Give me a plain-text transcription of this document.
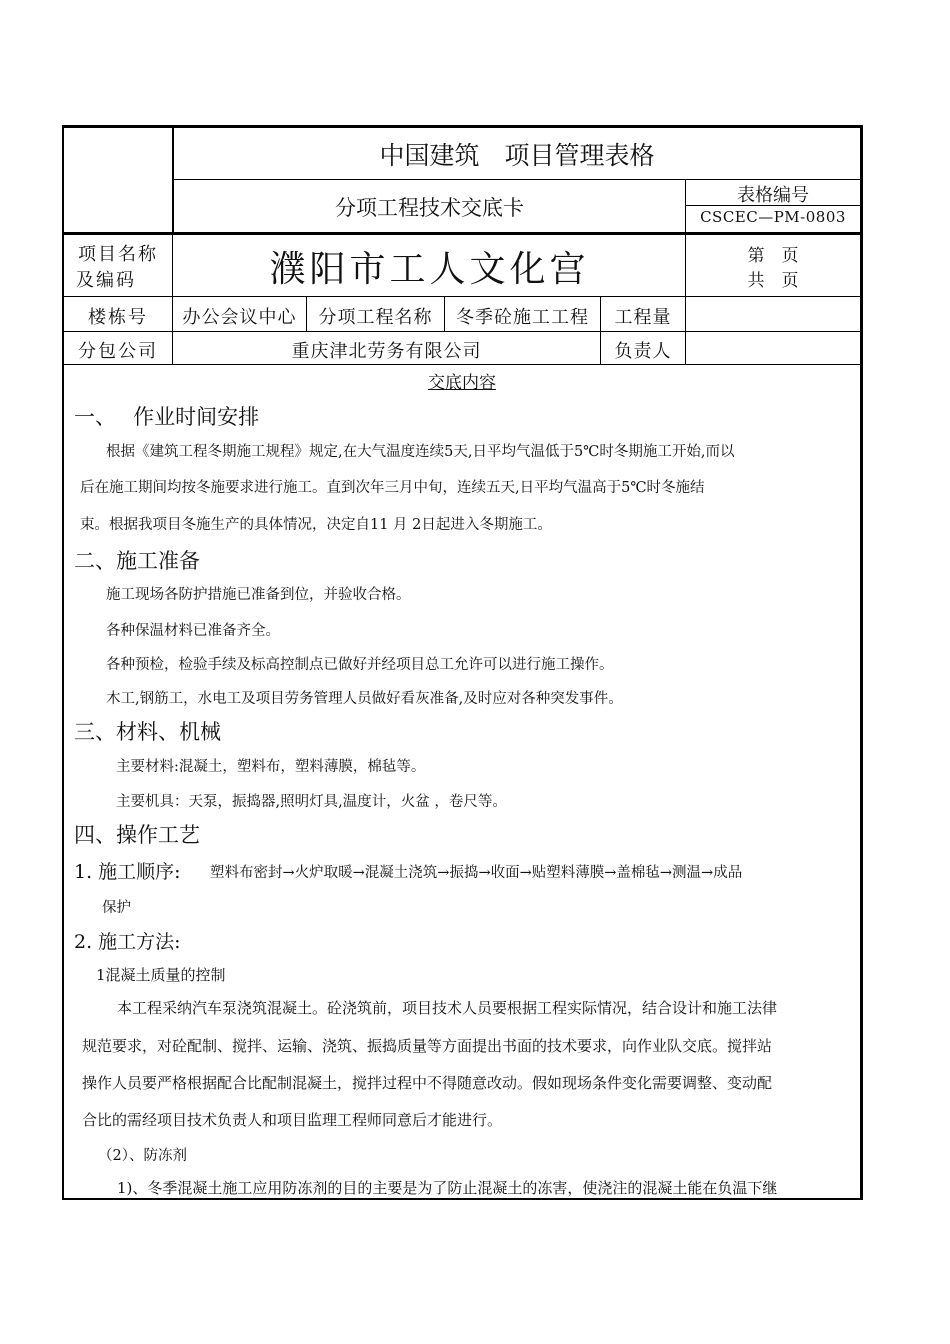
中国建筑　项目管理表格
分项工程技术交底卡
表格编号
CSCEC—PM-0803
项目名称
及编码	濮阳市工人文化宫	第　页
共　页
楼栋号	办公会议中心	分项工程名称	冬季砼施工工程	工程量
分包公司	重庆津北劳务有限公司	负责人
交底内容
一、　 作业时间安排
根据《建筑工程冬期施工规程》规定,在大气温度连续5天,日平均气温低于5℃时冬期施工开始,而以
后在施工期间均按冬施要求进行施工。直到次年三月中旬，连续五天,日平均气温高于5℃时冬施结
束。根据我项目冬施生产的具体情况，决定自11 月 2日起进入冬期施工。
二、施工准备
施工现场各防护措施已准备到位，并验收合格。
各种保温材料已准备齐全。
各种预检，检验手续及标高控制点已做好并经项目总工允许可以进行施工操作。
木工,钢筋工，水电工及项目劳务管理人员做好看灰准备,及时应对各种突发事件。
三、材料、机械
主要材料:混凝土，塑料布，塑料薄膜，棉毡等。
主要机具：天泵，振捣器,照明灯具,温度计，火盆 ，卷尺等。
四、操作工艺
1. 施工顺序: 塑料布密封→火炉取暖→混凝土浇筑→振捣→收面→贴塑料薄膜→盖棉毡→测温→成品
保护
2. 施工方法:
1混凝土质量的控制
本工程采纳汽车泵浇筑混凝土。砼浇筑前，项目技术人员要根据工程实际情况，结合设计和施工法律
规范要求，对砼配制、搅拌、运输、浇筑、振捣质量等方面提出书面的技术要求，向作业队交底。搅拌站
操作人员要严格根据配合比配制混凝土，搅拌过程中不得随意改动。假如现场条件变化需要调整、变动配
合比的需经项目技术负责人和项目监理工程师同意后才能进行。
（2）、防冻剂
1)、冬季混凝土施工应用防冻剂的目的主要是为了防止混凝土的冻害，使浇注的混凝土能在负温下继
